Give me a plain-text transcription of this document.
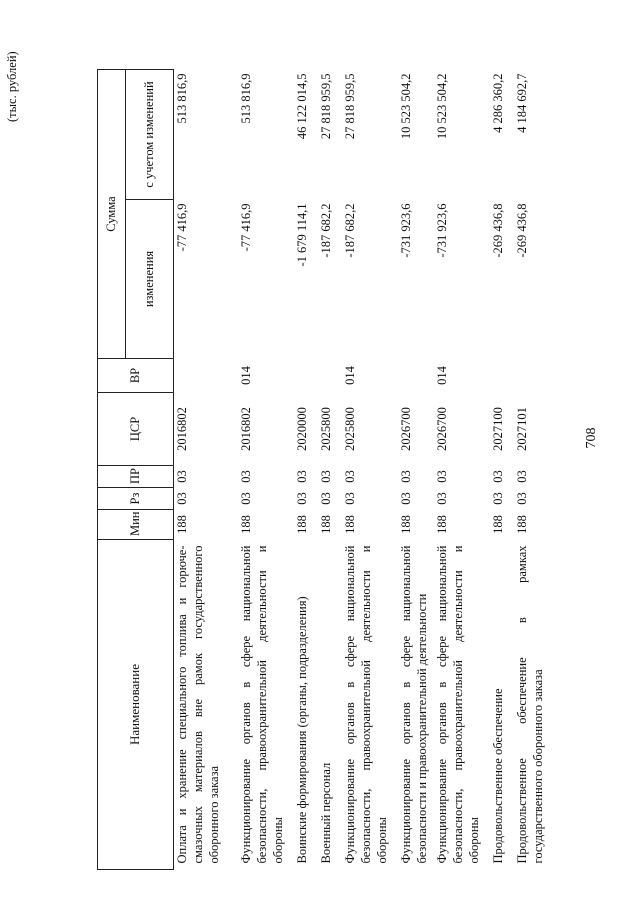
708
(тыс. рублей)
Наименование	Мин	Рз	ПР	ЦСР	ВР	Сумма	
						изменения	с учетом изменений
Оплата и хранение специального топлива и горюче-смазочных материалов вне рамок государственного оборонного заказа	188	03	03	2016802		-77 416,9	513 816,9
Функционирование органов в сфере национальной безопасности, правоохранительной деятельности и обороны	188	03	03	2016802	014	-77 416,9	513 816,9
Воинские формирования (органы, подразделения)	188	03	03	2020000		-1 679 114,1	46 122 014,5
Военный персонал	188	03	03	2025800		-187 682,2	27 818 959,5
Функционирование органов в сфере национальной безопасности, правоохранительной деятельности и обороны	188	03	03	2025800	014	-187 682,2	27 818 959,5
Функционирование органов в сфере национальной безопасности и правоохранительной деятельности	188	03	03	2026700		-731 923,6	10 523 504,2
Функционирование органов в сфере национальной безопасности, правоохранительной деятельности и обороны	188	03	03	2026700	014	-731 923,6	10 523 504,2
Продовольственное обеспечение	188	03	03	2027100		-269 436,8	4 286 360,2
Продовольственное обеспечение в рамках государственного оборонного заказа	188	03	03	2027101		-269 436,8	4 184 692,7
